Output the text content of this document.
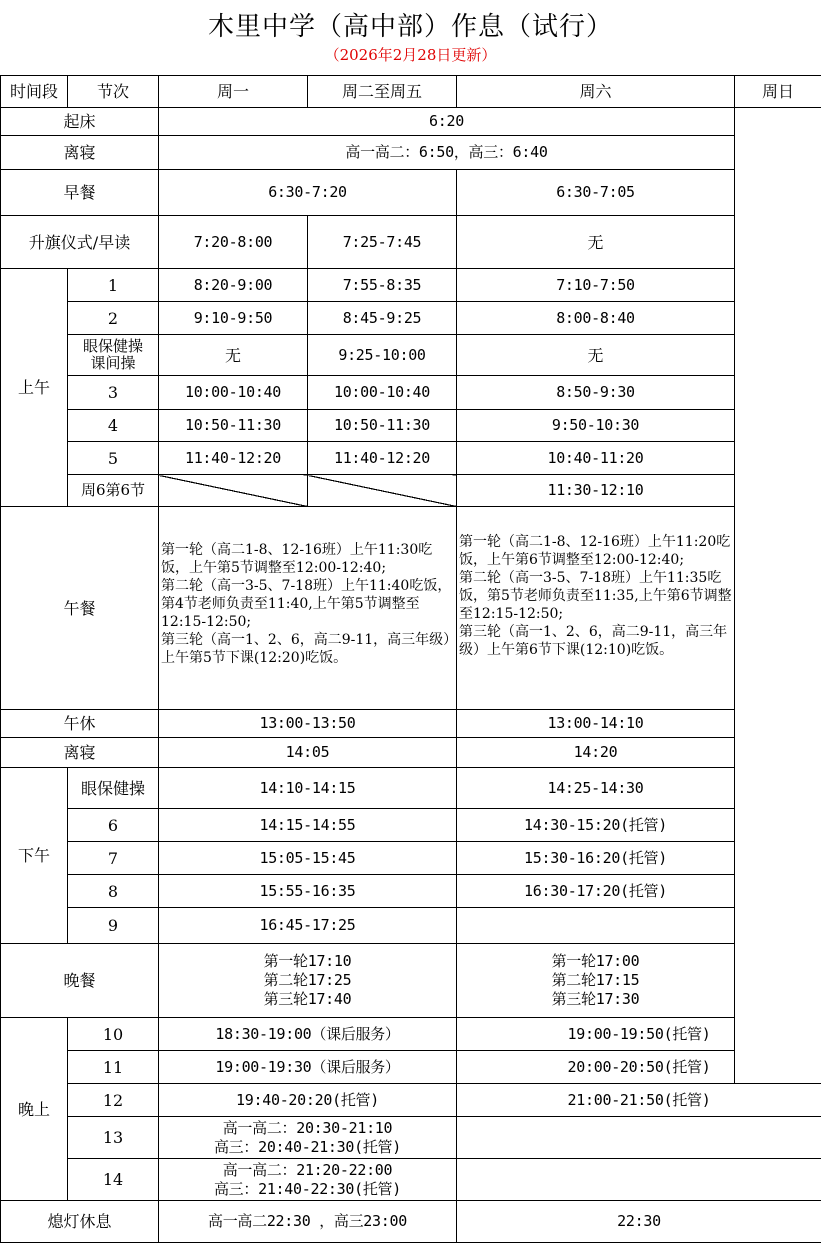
木里中学（高中部）作息（试行）
（2026年2月28日更新）
时间段	节次	周一	周二至周五	周六	周日
起床		6:20			
离寝		高一高二：6:50，高三：6:40			
早餐		6:30-7:20		6:30-7:05	
升旗仪式/早读		7:20-8:00	7:25-7:45	无	
上午	1	8:20-9:00	7:55-8:35	7:10-7:50	
	2	9:10-9:50	8:45-9:25	8:00-8:40	
	眼保健操
课间操	无	9:25-10:00	无	
	3	10:00-10:40	10:00-10:40	8:50-9:30	
	4	10:50-11:30	10:50-11:30	9:50-10:30	
	5	11:40-12:20	11:40-12:20	10:40-11:20	
	周6第6节			11:30-12:10	
午餐		第一轮（高二1-8、12-16班）上午11:30吃饭，上午第5节调整至12:00-12:40;
第二轮（高一3-5、7-18班）上午11:40吃饭，第4节老师负责至11:40,上午第5节调整至12:15-12:50;
第三轮（高一1、2、6，高二9-11，高三年级）上午第5节下课(12:20)吃饭。		第一轮（高二1-8、12-16班）上午11:20吃饭，上午第6节调整至12:00-12:40;
第二轮（高一3-5、7-18班）上午11:35吃饭，第5节老师负责至11:35,上午第6节调整至12:15-12:50;
第三轮（高一1、2、6，高二9-11，高三年级）上午第6节下课(12:10)吃饭。	
午休		13:00-13:50		13:00-14:10	
离寝		14:05		14:20	
下午	眼保健操	14:10-14:15		14:25-14:30	
	6	14:15-14:55		14:30-15:20(托管)	
	7	15:05-15:45		15:30-16:20(托管)	
	8	15:55-16:35		16:30-17:20(托管)	
	9	16:45-17:25			
晚餐		第一轮17:10
第二轮17:25
第三轮17:40		第一轮17:00
第二轮17:15
第三轮17:30	
晚上	10	18:30-19:00（课后服务）		19:00-19:50(托管)	
	11	19:00-19:30（课后服务）		20:00-20:50(托管)	
	12	19:40-20:20(托管)		21:00-21:50(托管)	
	13	高一高二：20:30-21:10
高三：20:40-21:30(托管)			
	14	高一高二：21:20-22:00
高三：21:40-22:30(托管)			
熄灯休息		高一高二22:30 ，高三23:00		22:30	
